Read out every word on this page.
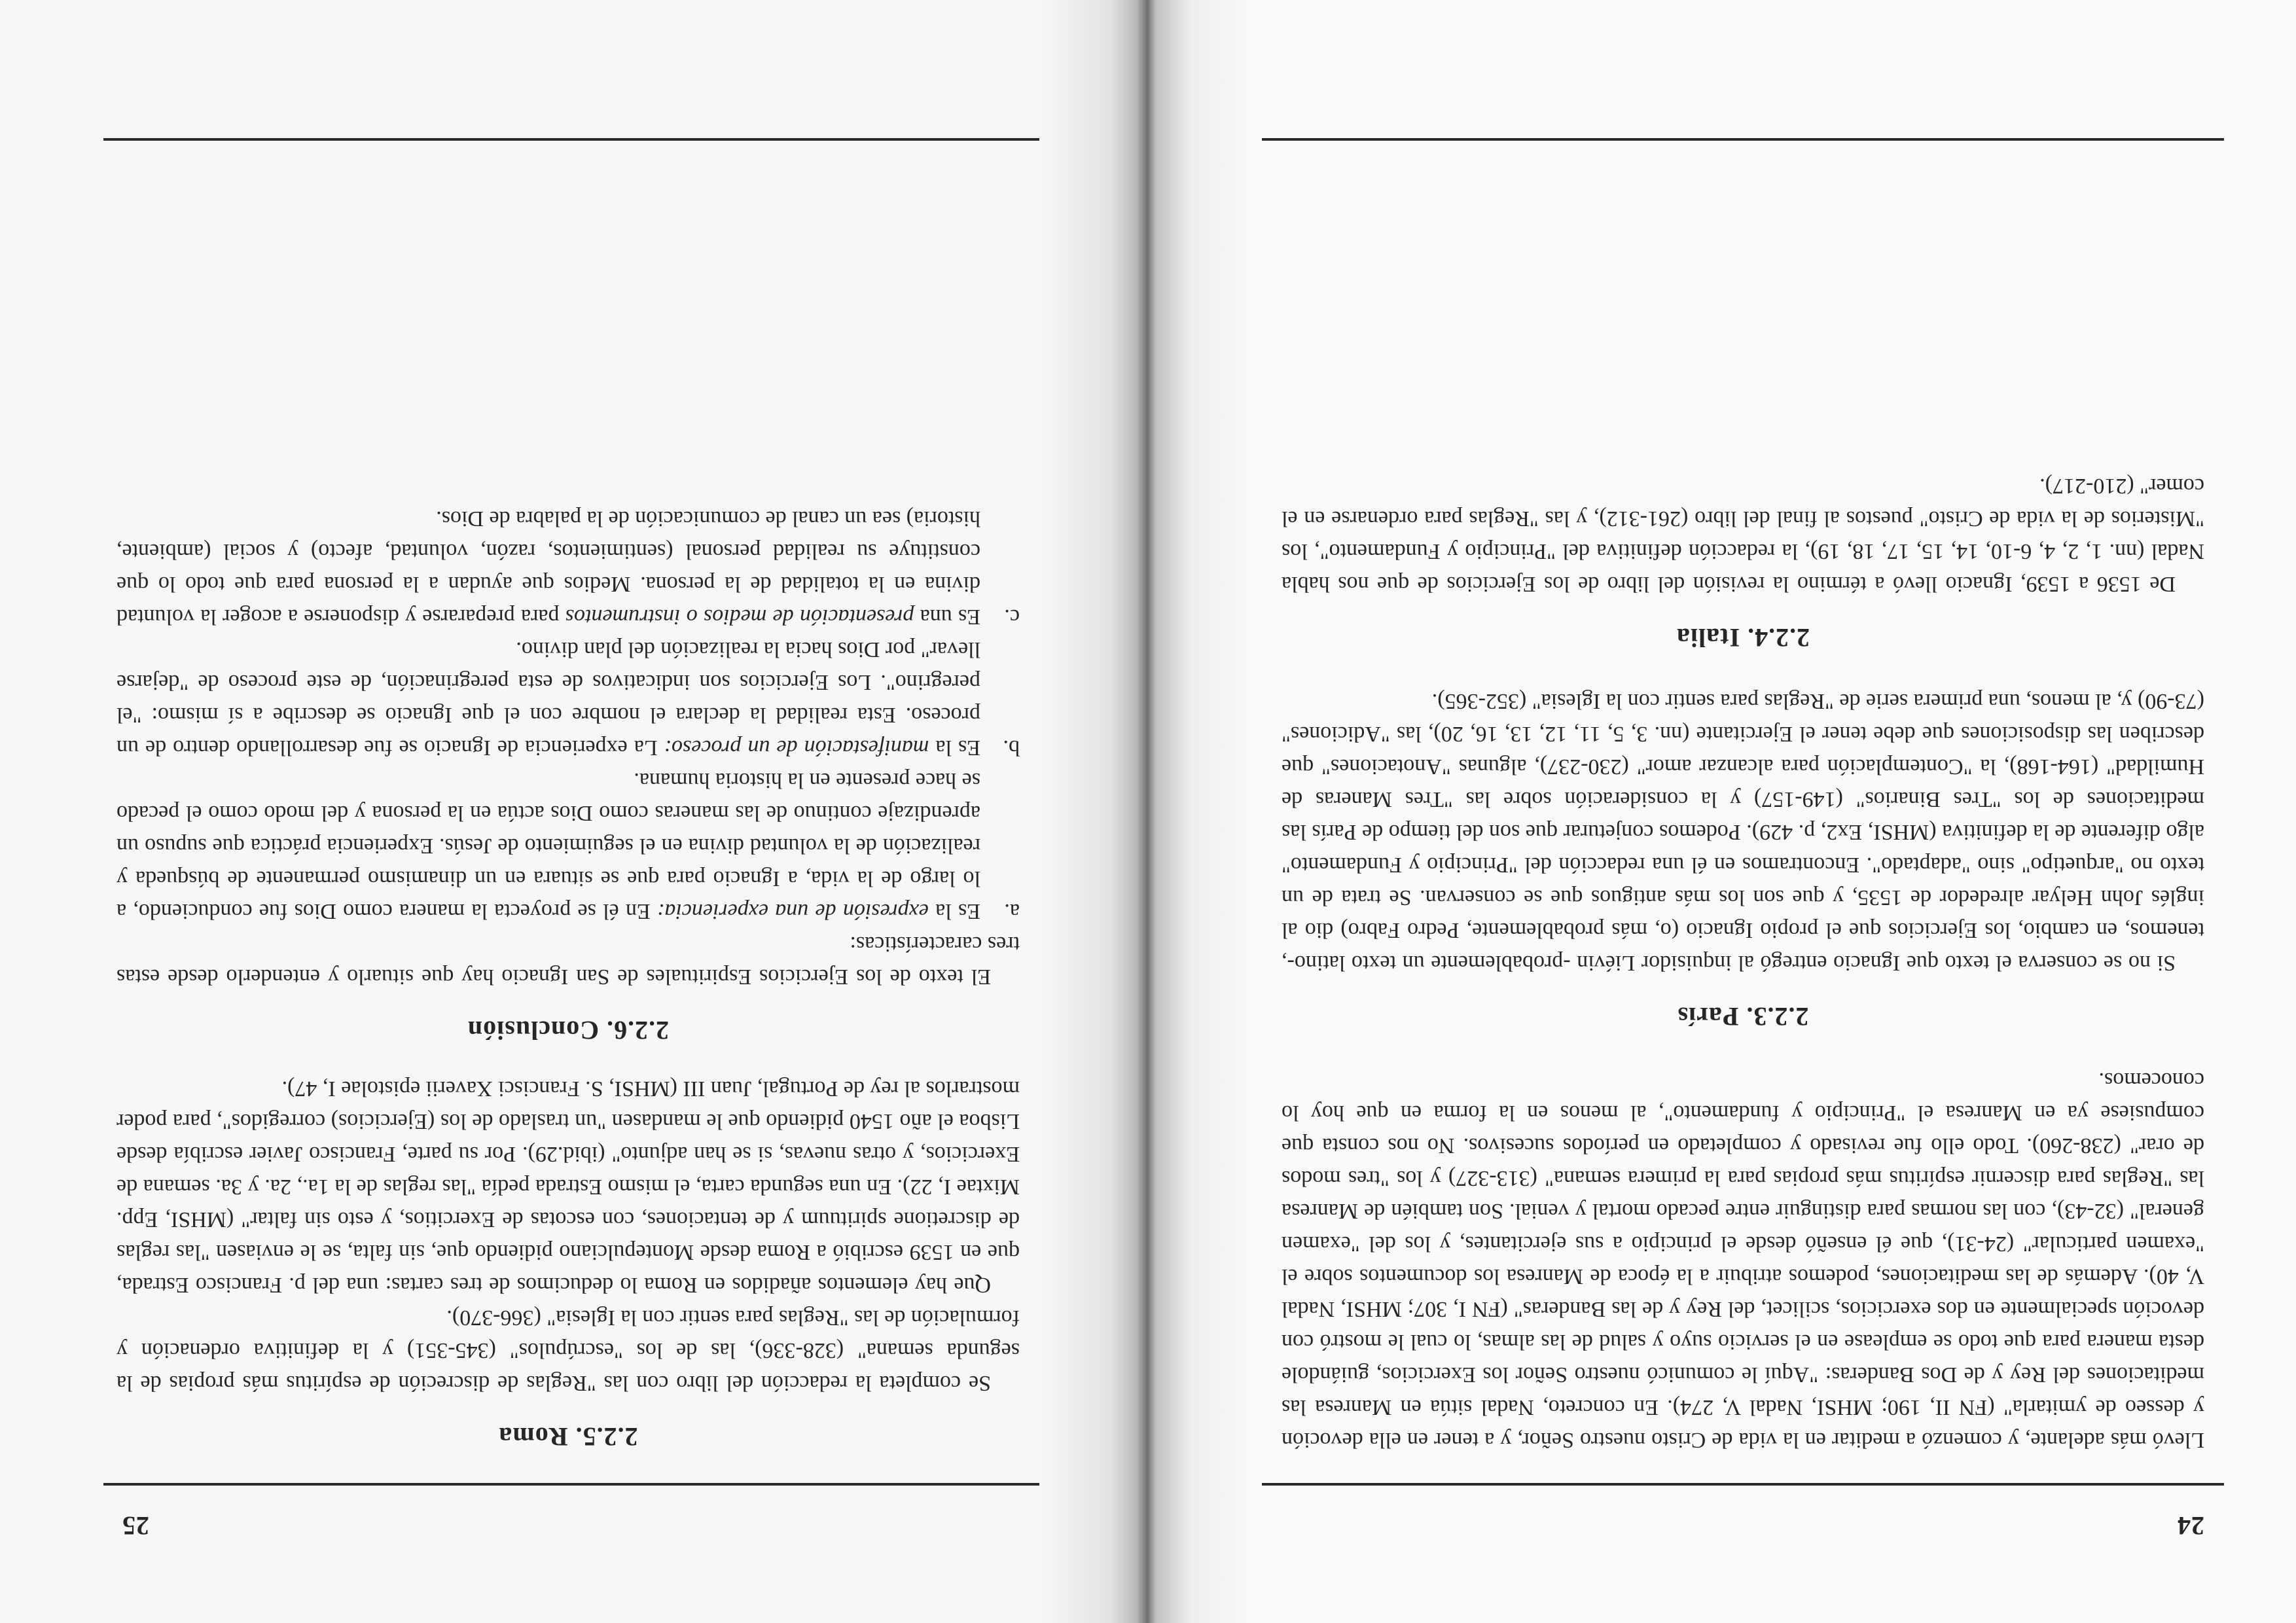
24

Llevó más adelante, y comenzó a meditar en la vida de Cristo nuestro Señor, y a tener en ella devoción y desseo de ymitarla" (FN II, 190; MHSI, Nadal V, 274). En concreto, Nadal sitúa en Manresa las meditaciones del Rey y de Dos Banderas: "Aquí le comunicó nuestro Señor los Exercicios, guiándole desta manera para que todo se emplease en el servicio suyo y salud de las almas, lo cual le mostró con devoción specialmente en dos exercicios, scilicet, del Rey y de las Banderas" (FN I, 307; MHSI, Nadal V, 40). Además de las meditaciones, podemos atribuir a la época de Manresa los documentos sobre el "examen particular" (24-31), que él enseñó desde el principio a sus ejercitantes, y los del "examen general" (32-43), con las normas para distinguir entre pecado mortal y venial. Son también de Manresa las "Reglas para discernir espíritus más propias para la primera semana" (313-327) y los "tres modos de orar" (238-260). Todo ello fue revisado y completado en períodos sucesivos. No nos consta que compusiese ya en Manresa el "Principio y fundamento", al menos en la forma en que hoy lo conocemos.

2.2.3. París

Si no se conserva el texto que Ignacio entregó al inquisidor Liévin -probablemente un texto latino-, tenemos, en cambio, los Ejercicios que el propio Ignacio (o, más probablemente, Pedro Fabro) dio al inglés John Helyar alrededor de 1535, y que son los más antiguos que se conservan. Se trata de un texto no "arquetipo" sino "adaptado". Encontramos en él una redacción del "Principio y Fundamento" algo diferente de la definitiva (MHSI, Ex2, p. 429). Podemos conjeturar que son del tiempo de París las meditaciones de los "Tres Binarios" (149-157) y la consideración sobre las "Tres Maneras de Humildad" (164-168), la "Contemplación para alcanzar amor" (230-237), algunas "Anotaciones" que describen las disposiciones que debe tener el Ejercitante (nn. 3, 5, 11, 12, 13, 16, 20), las "Adiciones" (73-90) y, al menos, una primera serie de "Reglas para sentir con la Iglesia" (352-365).

2.2.4. Italia

De 1536 a 1539, Ignacio llevó a término la revisión del libro de los Ejercicios de que nos habla Nadal (nn. 1, 2, 4, 6-10, 14, 15, 17, 18, 19), la redacción definitiva del "Principio y Fundamento", los "Misterios de la vida de Cristo" puestos al final del libro (261-312), y las "Reglas para ordenarse en el comer" (210-217).

25
2.2.5. Roma

Se completa la redacción del libro con las "Reglas de discreción de espíritus más propias de la segunda semana" (328-336), las de los "escrúpulos" (345-351) y la definitiva ordenación y formulación de las "Reglas para sentir con la Iglesia" (366-370).

Que hay elementos añadidos en Roma lo deducimos de tres cartas: una del p. Francisco Estrada, que en 1539 escribió a Roma desde Montepulciano pidiendo que, sin falta, se le enviasen "las reglas de discretione spirituum y de tentaciones, con escotas de Exercitios, y esto sin faltar" (MHSI, Epp. Mixtae I, 22). En una segunda carta, el mismo Estrada pedía "las reglas de la 1a., 2a. y 3a. semana de Exercicios, y otras nuevas, si se han adjunto" (ibid.29). Por su parte, Francisco Javier escribía desde Lisboa el año 1540 pidiendo que le mandasen "un traslado de los (Ejercicios) corregidos", para poder mostrarlos al rey de Portugal, Juan III (MHSI, S. Francisci Xaverii epistolae I, 47).

2.2.6. Conclusión

El texto de los Ejercicios Espirituales de San Ignacio hay que situarlo y entenderlo desde estas tres características:

a.
Es la expresión de una experiencia: En él se proyecta la manera como Dios fue conduciendo, a lo largo de la vida, a Ignacio para que se situara en un dinamismo permanente de búsqueda y realización de la voluntad divina en el seguimiento de Jesús. Experiencia práctica que supuso un aprendizaje continuo de las maneras como Dios actúa en la persona y del modo como el pecado se hace presente en la historia humana.
b.
Es la manifestación de un proceso: La experiencia de Ignacio se fue desarrollando dentro de un proceso. Esta realidad la declara el nombre con el que Ignacio se describe a sí mismo: "el peregrino". Los Ejercicios son indicativos de esta peregrinación, de este proceso de "dejarse llevar" por Dios hacia la realización del plan divino.
c.
Es una presentación de medios o instrumentos para prepararse y disponerse a acoger la voluntad divina en la totalidad de la persona. Medios que ayudan a la persona para que todo lo que constituye su realidad personal (sentimientos, razón, voluntad, afecto) y social (ambiente, historia) sea un canal de comunicación de la palabra de Dios.
